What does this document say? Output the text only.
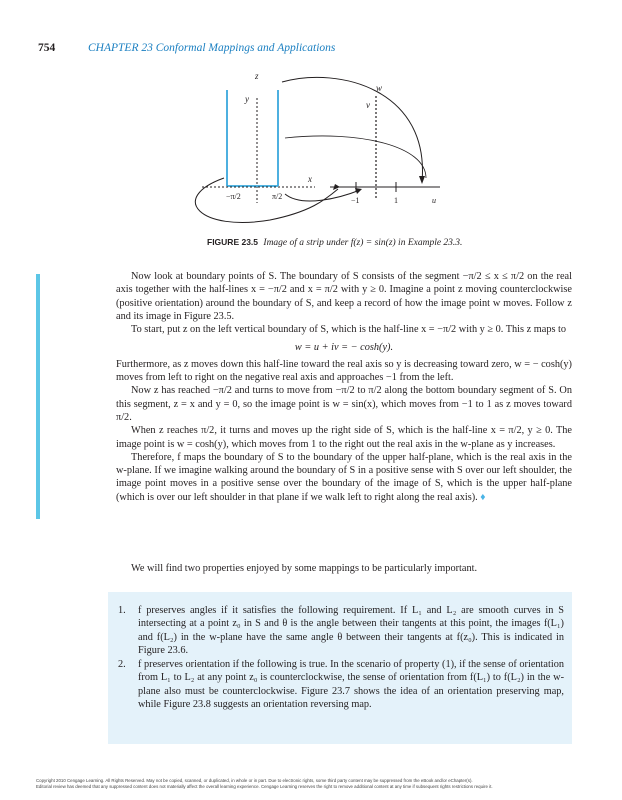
754	CHAPTER 23 Conformal Mappings and Applications
z
w
y
v
x
−π/2	π/2	−1	1	u
FIGURE 23.5 Image of a strip under f(z) = sin(z) in Example 23.3.

Now look at boundary points of S. The boundary of S consists of the segment −π/2 ≤ x ≤ π/2 on the real axis together with the half-lines x = −π/2 and x = π/2 with y ≥ 0. Imagine a point z moving counterclockwise (positive orientation) around the boundary of S, and keep a record of how the image point w moves. Follow z and its image in Figure 23.5.

To start, put z on the left vertical boundary of S, which is the half-line x = −π/2 with y ≥ 0. This z maps to

w = u + iv = − cosh(y).

Furthermore, as z moves down this half-line toward the real axis so y is decreasing toward zero, w = − cosh(y) moves from left to right on the negative real axis and approaches −1 from the left.

Now z has reached −π/2 and turns to move from −π/2 to π/2 along the bottom boundary segment of S. On this segment, z = x and y = 0, so the image point is w = sin(x), which moves from −1 to 1 as z moves toward π/2.

When z reaches π/2, it turns and moves up the right side of S, which is the half-line x = π/2, y ≥ 0. The image point is w = cosh(y), which moves from 1 to the right out the real axis in the w-plane as y increases.

Therefore, f maps the boundary of S to the boundary of the upper half-plane, which is the real axis in the w-plane. If we imagine walking around the boundary of S in a positive sense with S over our left shoulder, the image point moves in a positive sense over the boundary of the image of S, which is the upper half-plane (which is over our left shoulder in that plane if we walk left to right along the real axis). ♦

We will find two properties enjoyed by some mappings to be particularly important.

1. f preserves angles if it satisfies the following requirement. If L₁ and L₂ are smooth curves in S intersecting at a point z₀ in S and θ is the angle between their tangents at this point, the images f(L₁) and f(L₂) in the w-plane have the same angle θ between their tangents at f(z₀). This is indicated in Figure 23.6.
2. f preserves orientation if the following is true. In the scenario of property (1), if the sense of orientation from L₁ to L₂ at any point z₀ is counterclockwise, the sense of orientation from f(L₁) to f(L₂) in the w-plane also must be counterclockwise. Figure 23.7 shows the idea of an orientation preserving map, while Figure 23.8 suggests an orientation reversing map.
Copyright 2010 Cengage Learning. All Rights Reserved. May not be copied, scanned, or duplicated, in whole or in part. Due to electronic rights, some third party content may be suppressed from the eBook and/or eChapter(s).
Editorial review has deemed that any suppressed content does not materially affect the overall learning experience. Cengage Learning reserves the right to remove additional content at any time if subsequent rights restrictions require it.
